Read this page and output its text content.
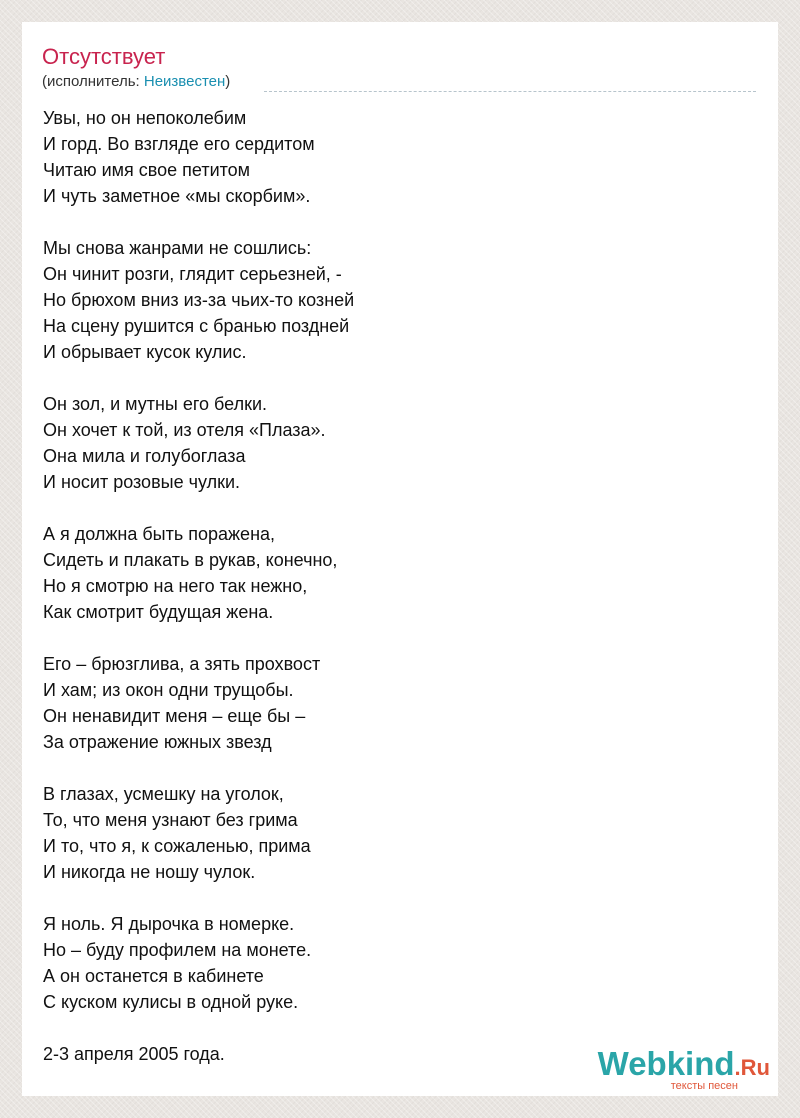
Отсутствует
(исполнитель: Неизвестен)
Увы, но он непоколебим
И горд. Во взгляде его сердитом
Читаю имя свое петитом
И чуть заметное «мы скорбим».
Мы снова жанрами не сошлись:
Он чинит розги, глядит серьезней, -
Но брюхом вниз из-за чьих-то козней
На сцену рушится с бранью поздней
И обрывает кусок кулис.
Он зол, и мутны его белки.
Он хочет к той, из отеля «Плаза».
Она мила и голубоглаза
И носит розовые чулки.
А я должна быть поражена,
Сидеть и плакать в рукав, конечно,
Но я смотрю на него так нежно,
Как смотрит будущая жена.
Его – брюзглива, а зять прохвост
И хам; из окон одни трущобы.
Он ненавидит меня – еще бы –
За отражение южных звезд
В глазах, усмешку на уголок,
То, что меня узнают без грима
И то, что я, к сожаленью, прима
И никогда не ношу чулок.
Я ноль. Я дырочка в номерке.
Но – буду профилем на монете.
А он останется в кабинете
С куском кулисы в одной руке.
2-3 апреля 2005 года.	Webkind.Ru
тексты песен
